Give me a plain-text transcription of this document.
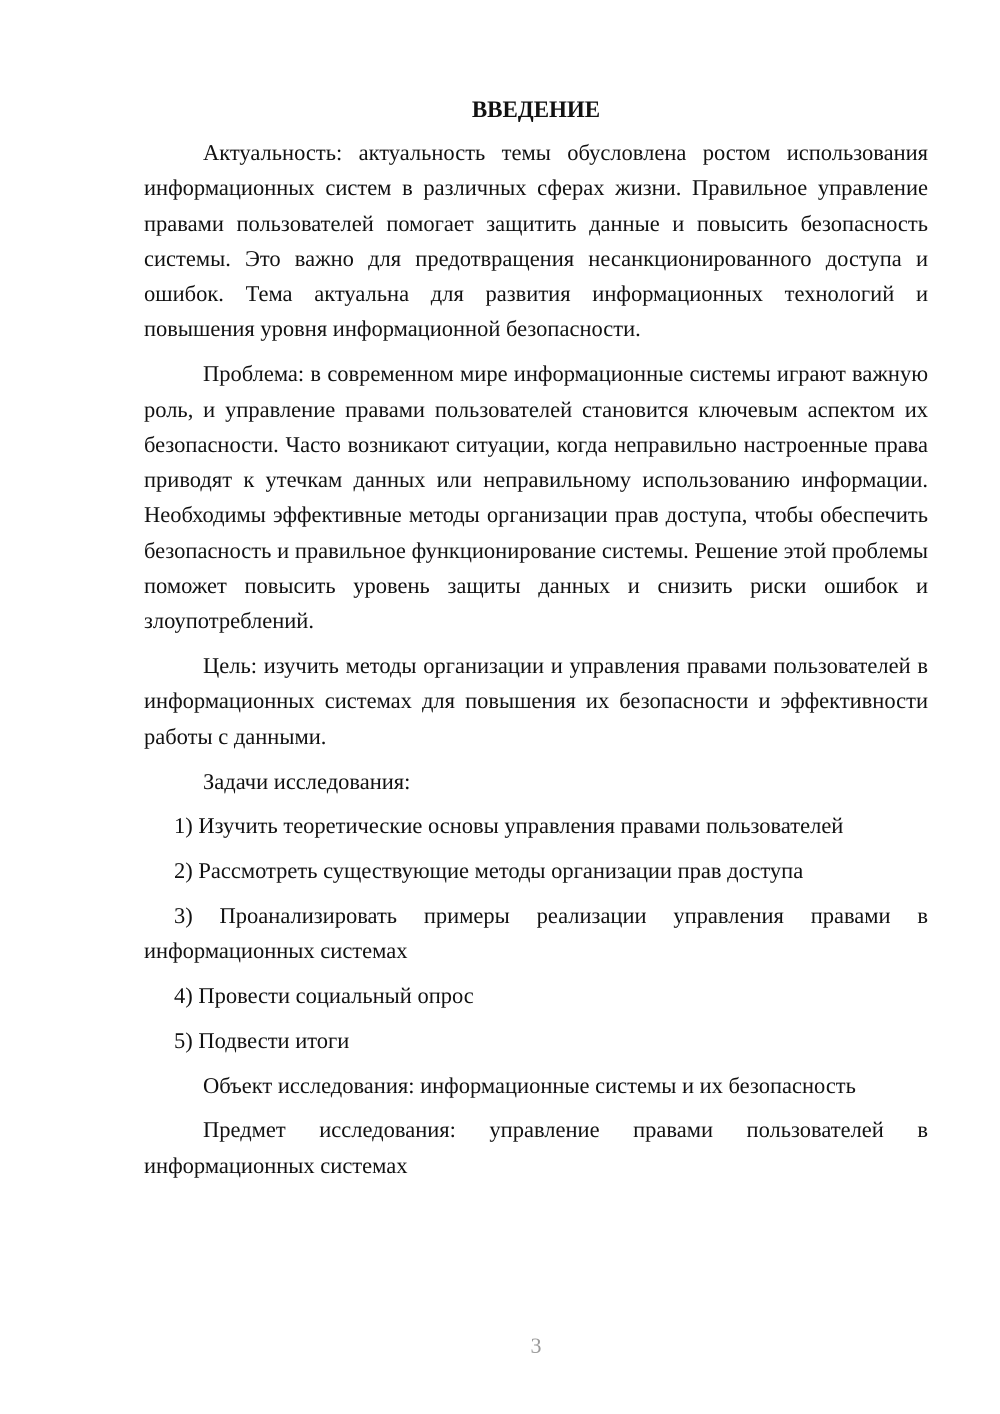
ВВЕДЕНИЕ

Актуальность: актуальность темы обусловлена ростом использования информационных систем в различных сферах жизни. Правильное управление правами пользователей помогает защитить данные и повысить безопасность системы. Это важно для предотвращения несанкционированного доступа и ошибок. Тема актуальна для развития информационных технологий и повышения уровня информационной безопасности.

Проблема: в современном мире информационные системы играют важную роль, и управление правами пользователей становится ключевым аспектом их безопасности. Часто возникают ситуации, когда неправильно настроенные права приводят к утечкам данных или неправильному использованию информации. Необходимы эффективные методы организации прав доступа, чтобы обеспечить безопасность и правильное функционирование системы. Решение этой проблемы поможет повысить уровень защиты данных и снизить риски ошибок и злоупотреблений.

Цель: изучить методы организации и управления правами пользователей в информационных системах для повышения их безопасности и эффективности работы с данными.

Задачи исследования:

1) Изучить теоретические основы управления правами пользователей

2) Рассмотреть существующие методы организации прав доступа

3) Проанализировать примеры реализации управления правами в информационных системах

4) Провести социальный опрос

5) Подвести итоги

Объект исследования: информационные системы и их безопасность

Предмет исследования: управление правами пользователей в информационных системах

3
